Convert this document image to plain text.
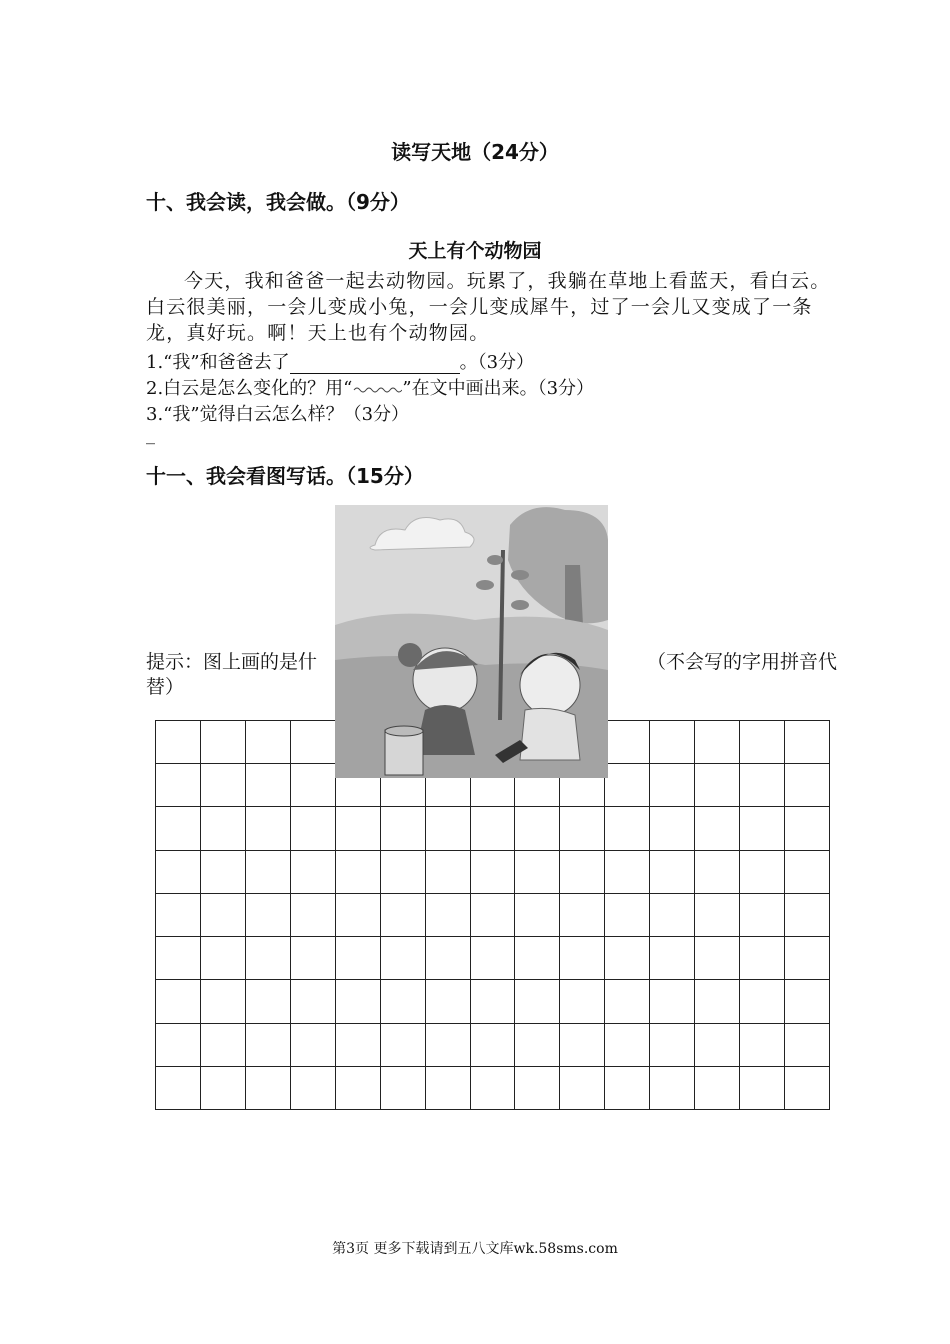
读写天地（24分）
十、我会读，我会做。（9分）
天上有个动物园
今天，我和爸爸一起去动物园。玩累了，我躺在草地上看蓝天，看白云。白云很美丽，一会儿变成小兔，一会儿变成犀牛，过了一会儿又变成了一条龙，真好玩。啊！天上也有个动物园。
1.“我”和爸爸去了	。（3分）
2.白云是怎么变化的？用“	”在文中画出来。（3分）
3.“我”觉得白云怎么样？（3分）
_
十一、我会看图写话。（15分）
提示：图上画的是什	（不会写的字用拼音代替）
第3页 更多下载请到五八文库wk.58sms.com
